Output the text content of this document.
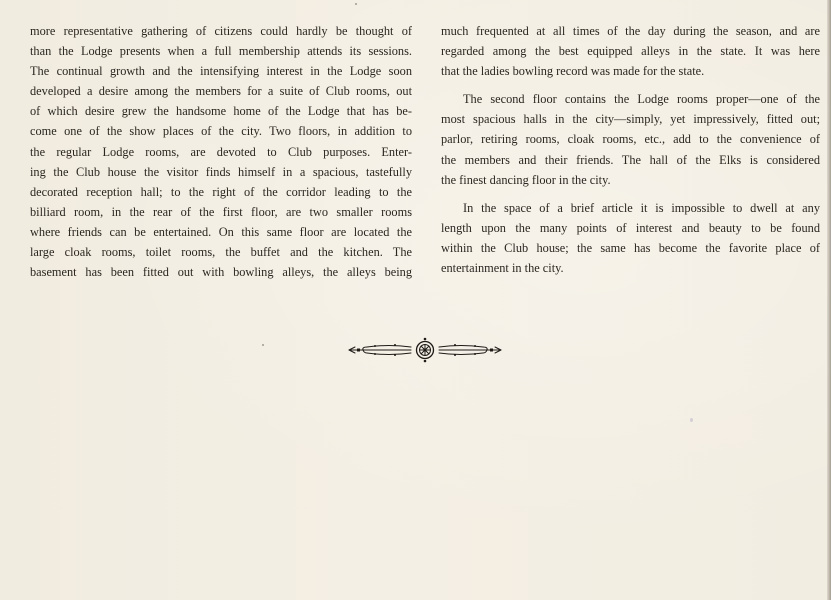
more representative gathering of citizens could hardly be thought of
than the Lodge presents when a full membership attends its sessions.
The continual growth and the intensifying interest in the Lodge soon
developed a desire among the members for a suite of Club rooms, out
of which desire grew the handsome home of the Lodge that has be-
come one of the show places of the city. Two floors, in addition to
the regular Lodge rooms, are devoted to Club purposes. Enter-
ing the Club house the visitor finds himself in a spacious, tastefully
decorated reception hall; to the right of the corridor leading to the
billiard room, in the rear of the first floor, are two smaller rooms
where friends can be entertained. On this same floor are located the
large cloak rooms, toilet rooms, the buffet and the kitchen. The
basement has been fitted out with bowling alleys, the alleys being
much frequented at all times of the day during the season, and are
regarded among the best equipped alleys in the state. It was here
that the ladies bowling record was made for the state.
The second floor contains the Lodge rooms proper—one of the
most spacious halls in the city—simply, yet impressively, fitted out;
parlor, retiring rooms, cloak rooms, etc., add to the convenience of
the members and their friends. The hall of the Elks is considered
the finest dancing floor in the city.
In the space of a brief article it is impossible to dwell at any
length upon the many points of interest and beauty to be found
within the Club house; the same has become the favorite place of
entertainment in the city.
